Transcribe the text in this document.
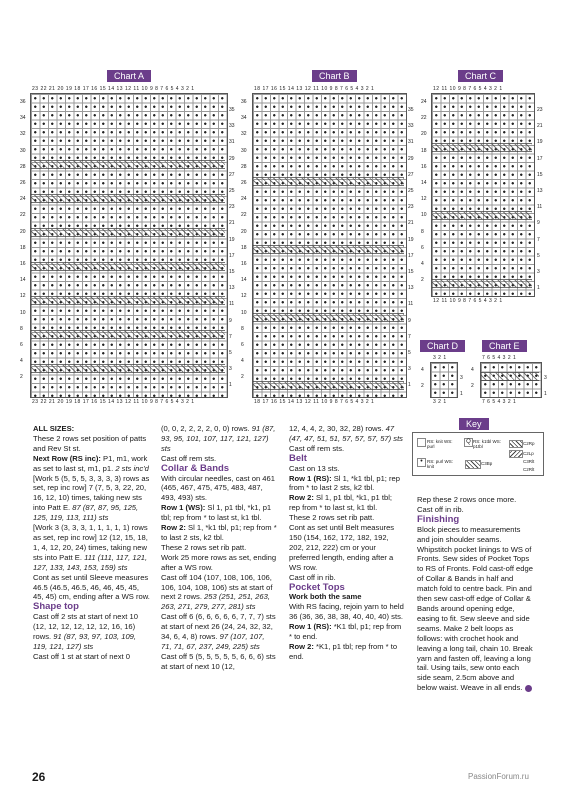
Chart A
23 22 21 20 19 18 17 16 15 14 13 12 11 10 9 8 7 6 5 4 3 2 1
36
34
32
30
28
26
24
22
20
18
16
14
12
10
8
6
4
2
35
33
31
29
27
25
23
21
19
17
15
13
11
9
7
5
3
1
23 22 21 20 19 18 17 16 15 14 13 12 11 10 9 8 7 6 5 4 3 2 1
Chart B
18 17 16 15 14 13 12 11 10 9 8 7 6 5 4 3 2 1
36
34
32
30
28
26
24
22
20
18
16
14
12
10
8
6
4
2
35
33
31
29
27
25
23
21
19
17
15
13
11
9
7
5
3
1
18 17 16 15 14 13 12 11 10 9 8 7 6 5 4 3 2 1
Chart C
12 11 10 9 8 7 6 5 4 3 2 1
24
22
20
18
16
14
12
10
8
6
4
2
23
21
19
17
15
13
11
9
7
5
3
1
12 11 10 9 8 7 6 5 4 3 2 1
Chart D
3 2 1
4
2
3
1
3 2 1
Chart E
7 6 5 4 3 2 1
4
2
3
1
7 6 5 4 3 2 1
Key
RS: knit WS: purl
RS: purl WS: knit
RS: k1tbl WS: p1tbl
C3Bp
C2Rp
C2Lp
C3Rlt
C2Rlt
•
Q

ALL SIZES:

These 2 rows set position of patts and Rev St st.

Next Row (RS inc): P1, m1, work as set to last st, m1, p1. 2 sts inc'd

[Work 5 (5, 5, 5, 3, 3, 3, 3) rows as set, rep inc row] 7 (7, 5, 3, 22, 20, 16, 12, 10) times, taking new sts into Patt E. 87 (87, 87, 95, 125, 125, 119, 113, 111) sts

[Work 3 (3, 3, 3, 1, 1, 1, 1, 1) rows as set, rep inc row] 12 (12, 15, 18, 1, 4, 12, 20, 24) times, taking new sts into Patt E. 111 (111, 117, 121, 127, 133, 143, 153, 159) sts

Cont as set until Sleeve measures 46.5 (46.5, 46.5, 46, 46, 45, 45, 45, 45) cm, ending after a WS row.

Shape top

Cast off 2 sts at start of next 10 (12, 12, 12, 12, 12, 12, 16, 16) rows. 91 (87, 93, 97, 103, 109, 119, 121, 127) sts

Cast off 1 st at start of next 0

(0, 0, 2, 2, 2, 2, 0, 0) rows. 91 (87, 93, 95, 101, 107, 117, 121, 127) sts

Cast off rem sts.

Collar & Bands

With circular needles, cast on 461 (465, 467, 475, 475, 483, 487, 493, 493) sts.

Row 1 (WS): Sl 1, p1 tbl, *k1, p1 tbl; rep from * to last st, k1 tbl.

Row 2: Sl 1, *k1 tbl, p1; rep from * to last 2 sts, k2 tbl.

These 2 rows set rib patt.

Work 25 more rows as set, ending after a WS row.

Cast off 104 (107, 108, 106, 106, 106, 104, 108, 106) sts at start of next 2 rows. 253 (251, 251, 263, 263, 271, 279, 277, 281) sts

Cast off 6 (6, 6, 6, 6, 6, 7, 7, 7) sts at start of next 26 (24, 24, 32, 32, 34, 6, 4, 8) rows. 97 (107, 107, 71, 71, 67, 237, 249, 225) sts

Cast off 5 (5, 5, 5, 5, 5, 6, 6, 6) sts at start of next 10 (12,

12, 4, 4, 2, 30, 32, 28) rows. 47 (47, 47, 51, 51, 57, 57, 57, 57) sts

Cast off rem sts.

Belt

Cast on 13 sts.

Row 1 (RS): Sl 1, *k1 tbl, p1; rep from * to last 2 sts, k2 tbl.

Row 2: Sl 1, p1 tbl, *k1, p1 tbl; rep from * to last st, k1 tbl.

These 2 rows set rib patt.

Cont as set until Belt measures 150 (154, 162, 172, 182, 192, 202, 212, 222) cm or your preferred length, ending after a WS row.

Cast off in rib.

Pocket Tops

Work both the same

With RS facing, rejoin yarn to held 36 (36, 36, 38, 38, 40, 40, 40) sts.

Row 1 (RS): *K1 tbl, p1; rep from * to end.

Row 2: *K1, p1 tbl; rep from * to end.

Rep these 2 rows once more.

Cast off in rib.

Finishing

Block pieces to measurements and join shoulder seams. Whipstitch pocket linings to WS of Fronts. Sew sides of Pocket Tops to RS of Fronts. Fold cast-off edge of Collar & Bands in half and match fold to centre back. Pin and then sew cast-off edge of Collar & Bands around opening edge, easing to fit. Sew sleeve and side seams. Make 2 belt loops as follows: with crochet hook and leaving a long tail, chain 10. Break yarn and fasten off, leaving a long tail. Using tails, sew onto each side seam, 2.5cm above and below waist. Weave in all ends.

26	PassionForum.ru
